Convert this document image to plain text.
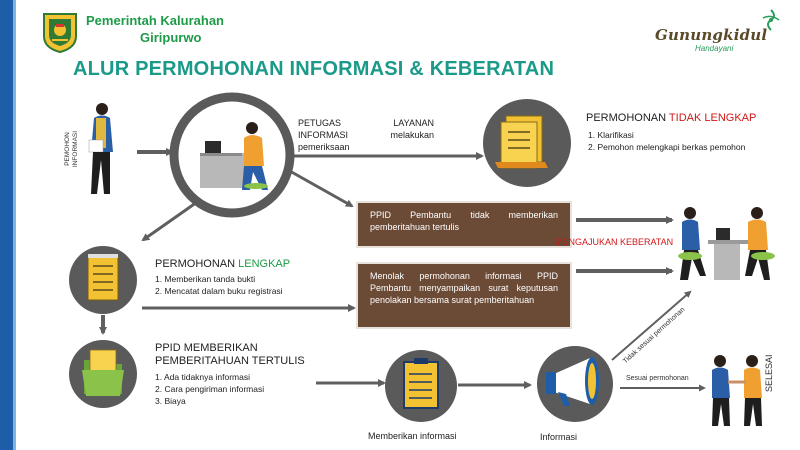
Pemerintah Kalurahan
Giripurwo	Gunungkidul
Handayani
ALUR PERMOHONAN INFORMASI & KEBERATAN
PEMOHON INFORMASI
PETUGAS LAYANAN INFORMASI melakukan pemeriksaan
PERMOHONAN TIDAK LENGKAP
1. Klarifikasi
2. Pemohon melengkapi berkas pemohon
PPID Pembantu tidak memberikan pemberitahuan tertulis
Menolak permohonan informasi PPID Pembantu menyampaikan surat keputusan penolakan bersama surat pemberitahuan
MENGAJUKAN KEBERATAN
PERMOHONAN LENGKAP
1. Memberikan tanda bukti
2. Mencatat dalam buku registrasi
PPID MEMBERIKAN
PEMBERITAHUAN TERTULIS
1. Ada tidaknya informasi
2. Cara pengiriman informasi
3. Biaya
Memberikan informasi	Informasi
Tidak sesuai permohonan
Sesuai permohonan	SELESAI
